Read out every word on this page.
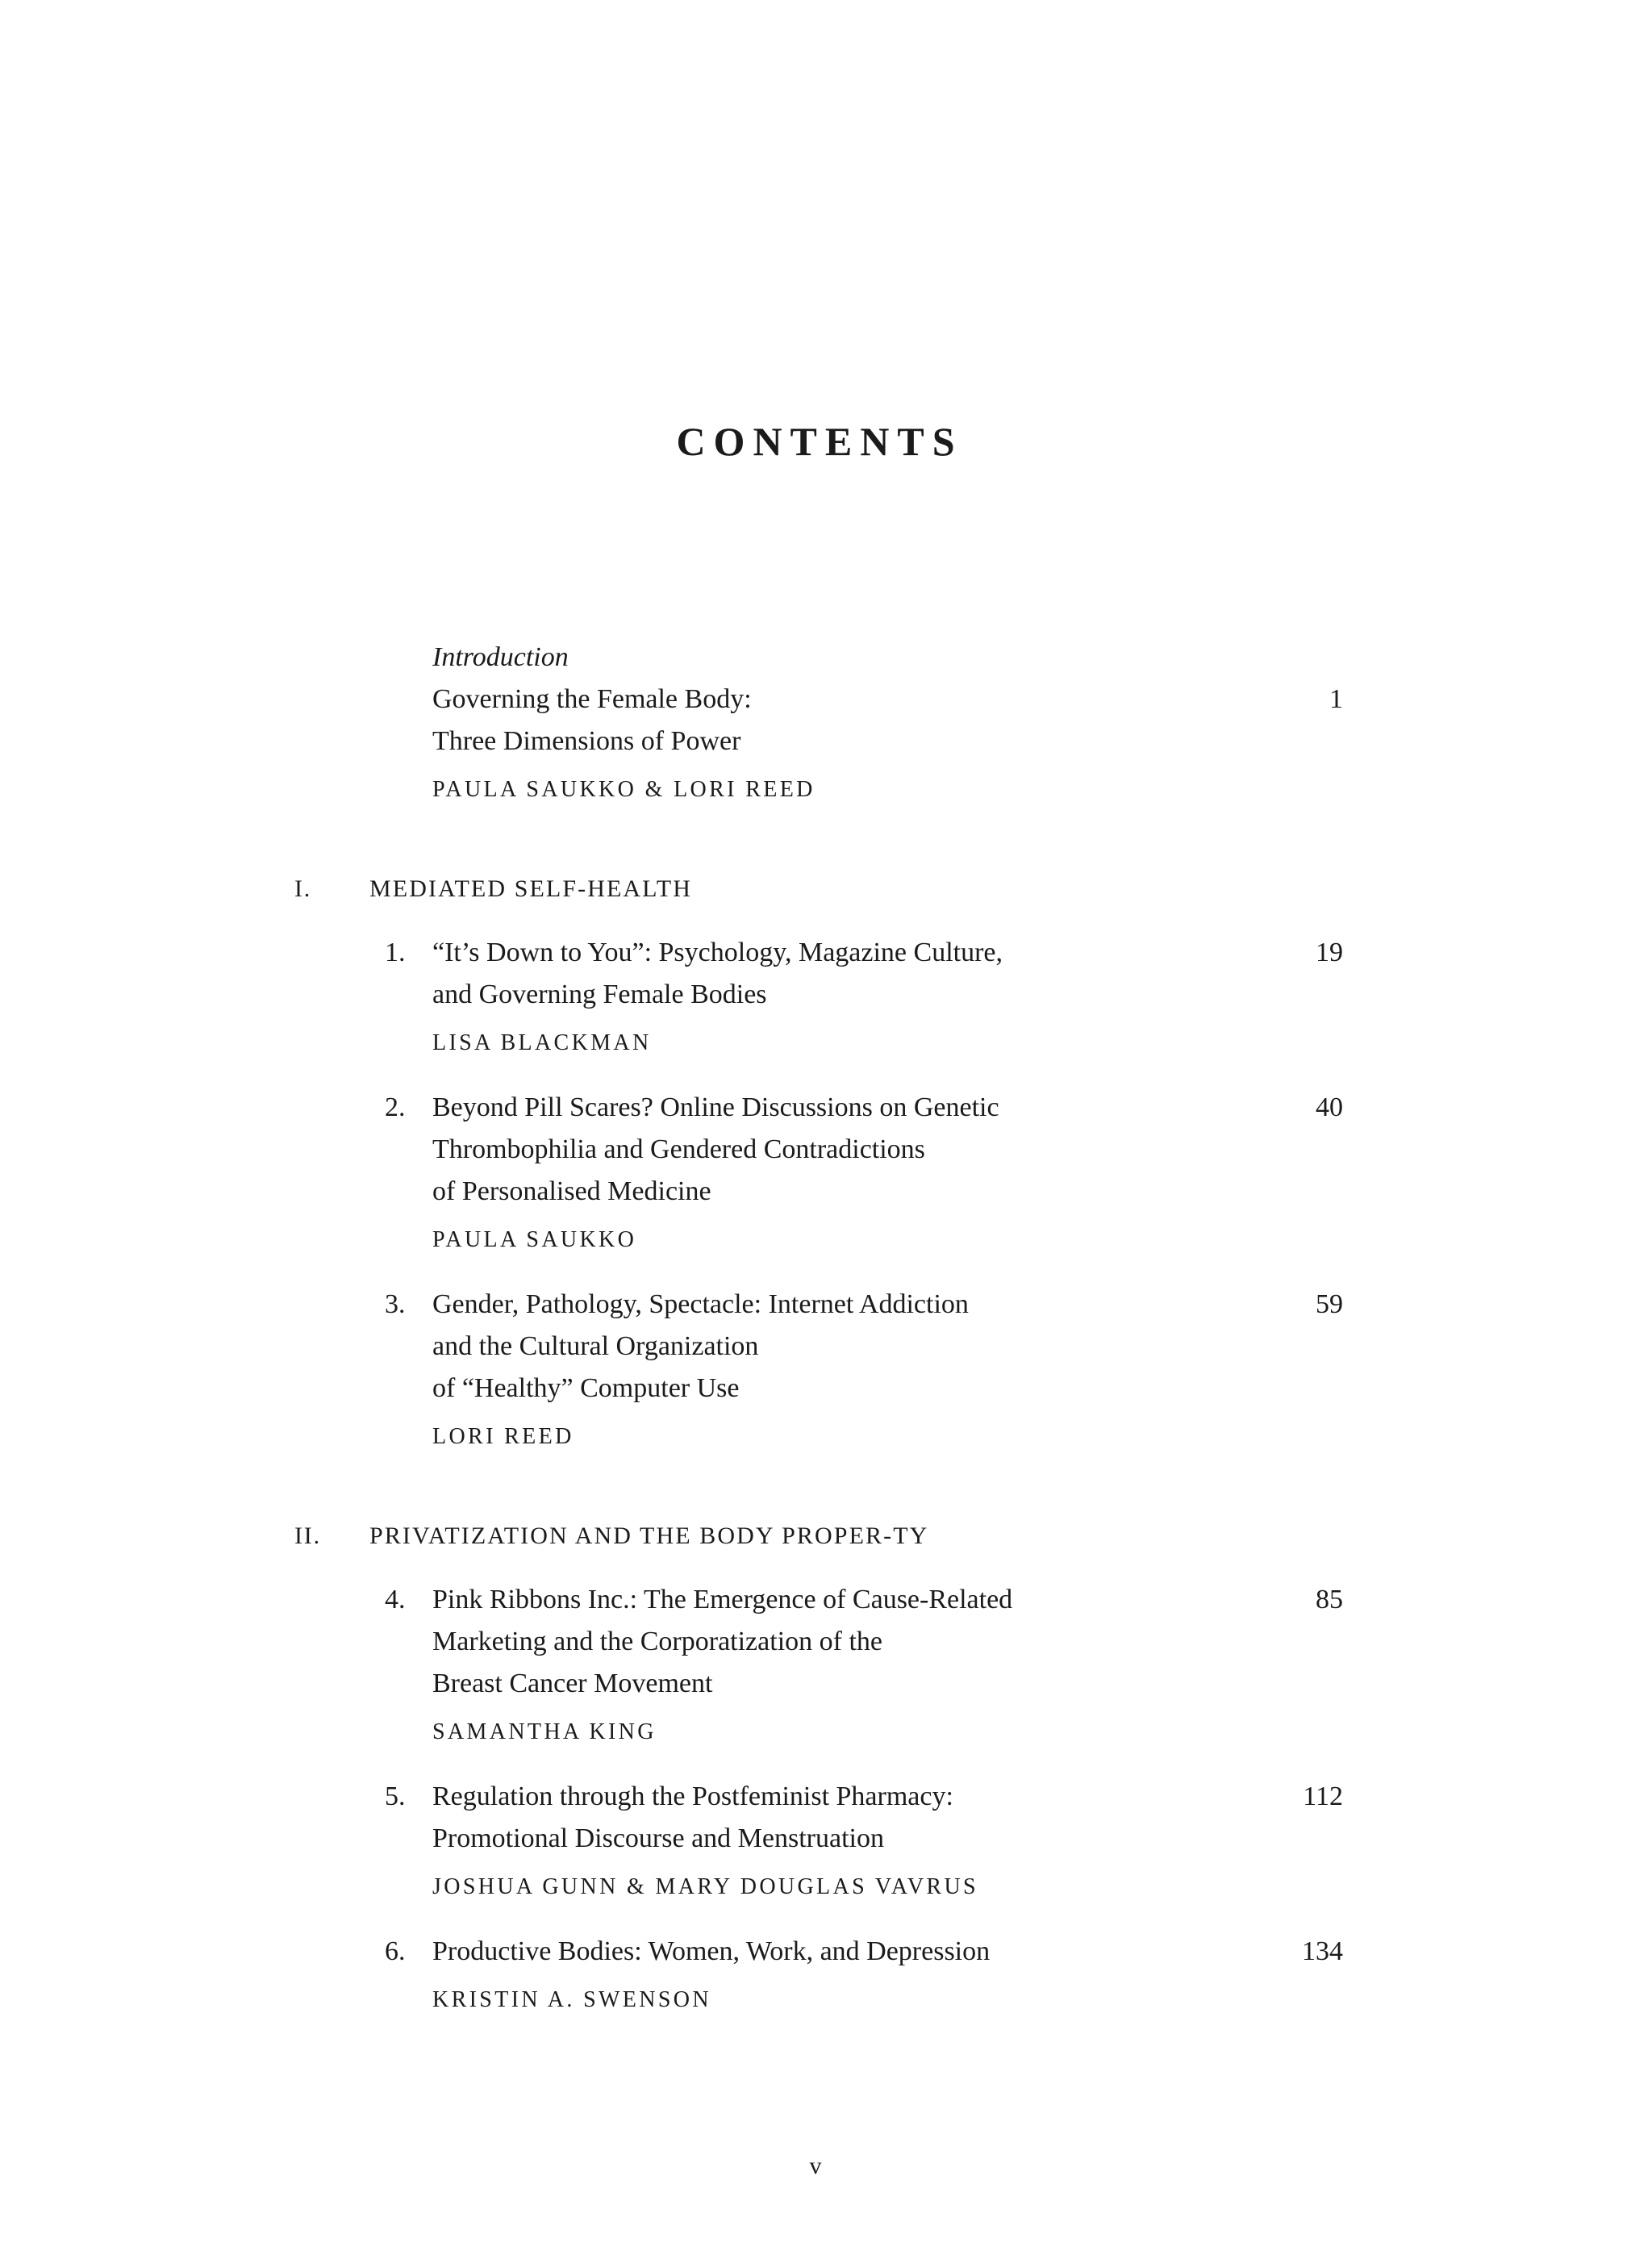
CONTENTS
Introduction
Governing the Female Body:
Three Dimensions of Power
PAULA SAUKKO & LORI REED
1
I.	MEDIATED SELF-HEALTH
1. “It’s Down to You”: Psychology, Magazine Culture,
and Governing Female Bodies
LISA BLACKMAN
19
2. Beyond Pill Scares? Online Discussions on Genetic
Thrombophilia and Gendered Contradictions
of Personalised Medicine
PAULA SAUKKO
40
3. Gender, Pathology, Spectacle: Internet Addiction
and the Cultural Organization
of “Healthy” Computer Use
LORI REED
59
II.	PRIVATIZATION AND THE BODY PROPER-TY
4. Pink Ribbons Inc.: The Emergence of Cause-Related
Marketing and the Corporatization of the
Breast Cancer Movement
SAMANTHA KING
85
5. Regulation through the Postfeminist Pharmacy:
Promotional Discourse and Menstruation
JOSHUA GUNN & MARY DOUGLAS VAVRUS
112
6. Productive Bodies: Women, Work, and Depression
KRISTIN A. SWENSON
134
v
